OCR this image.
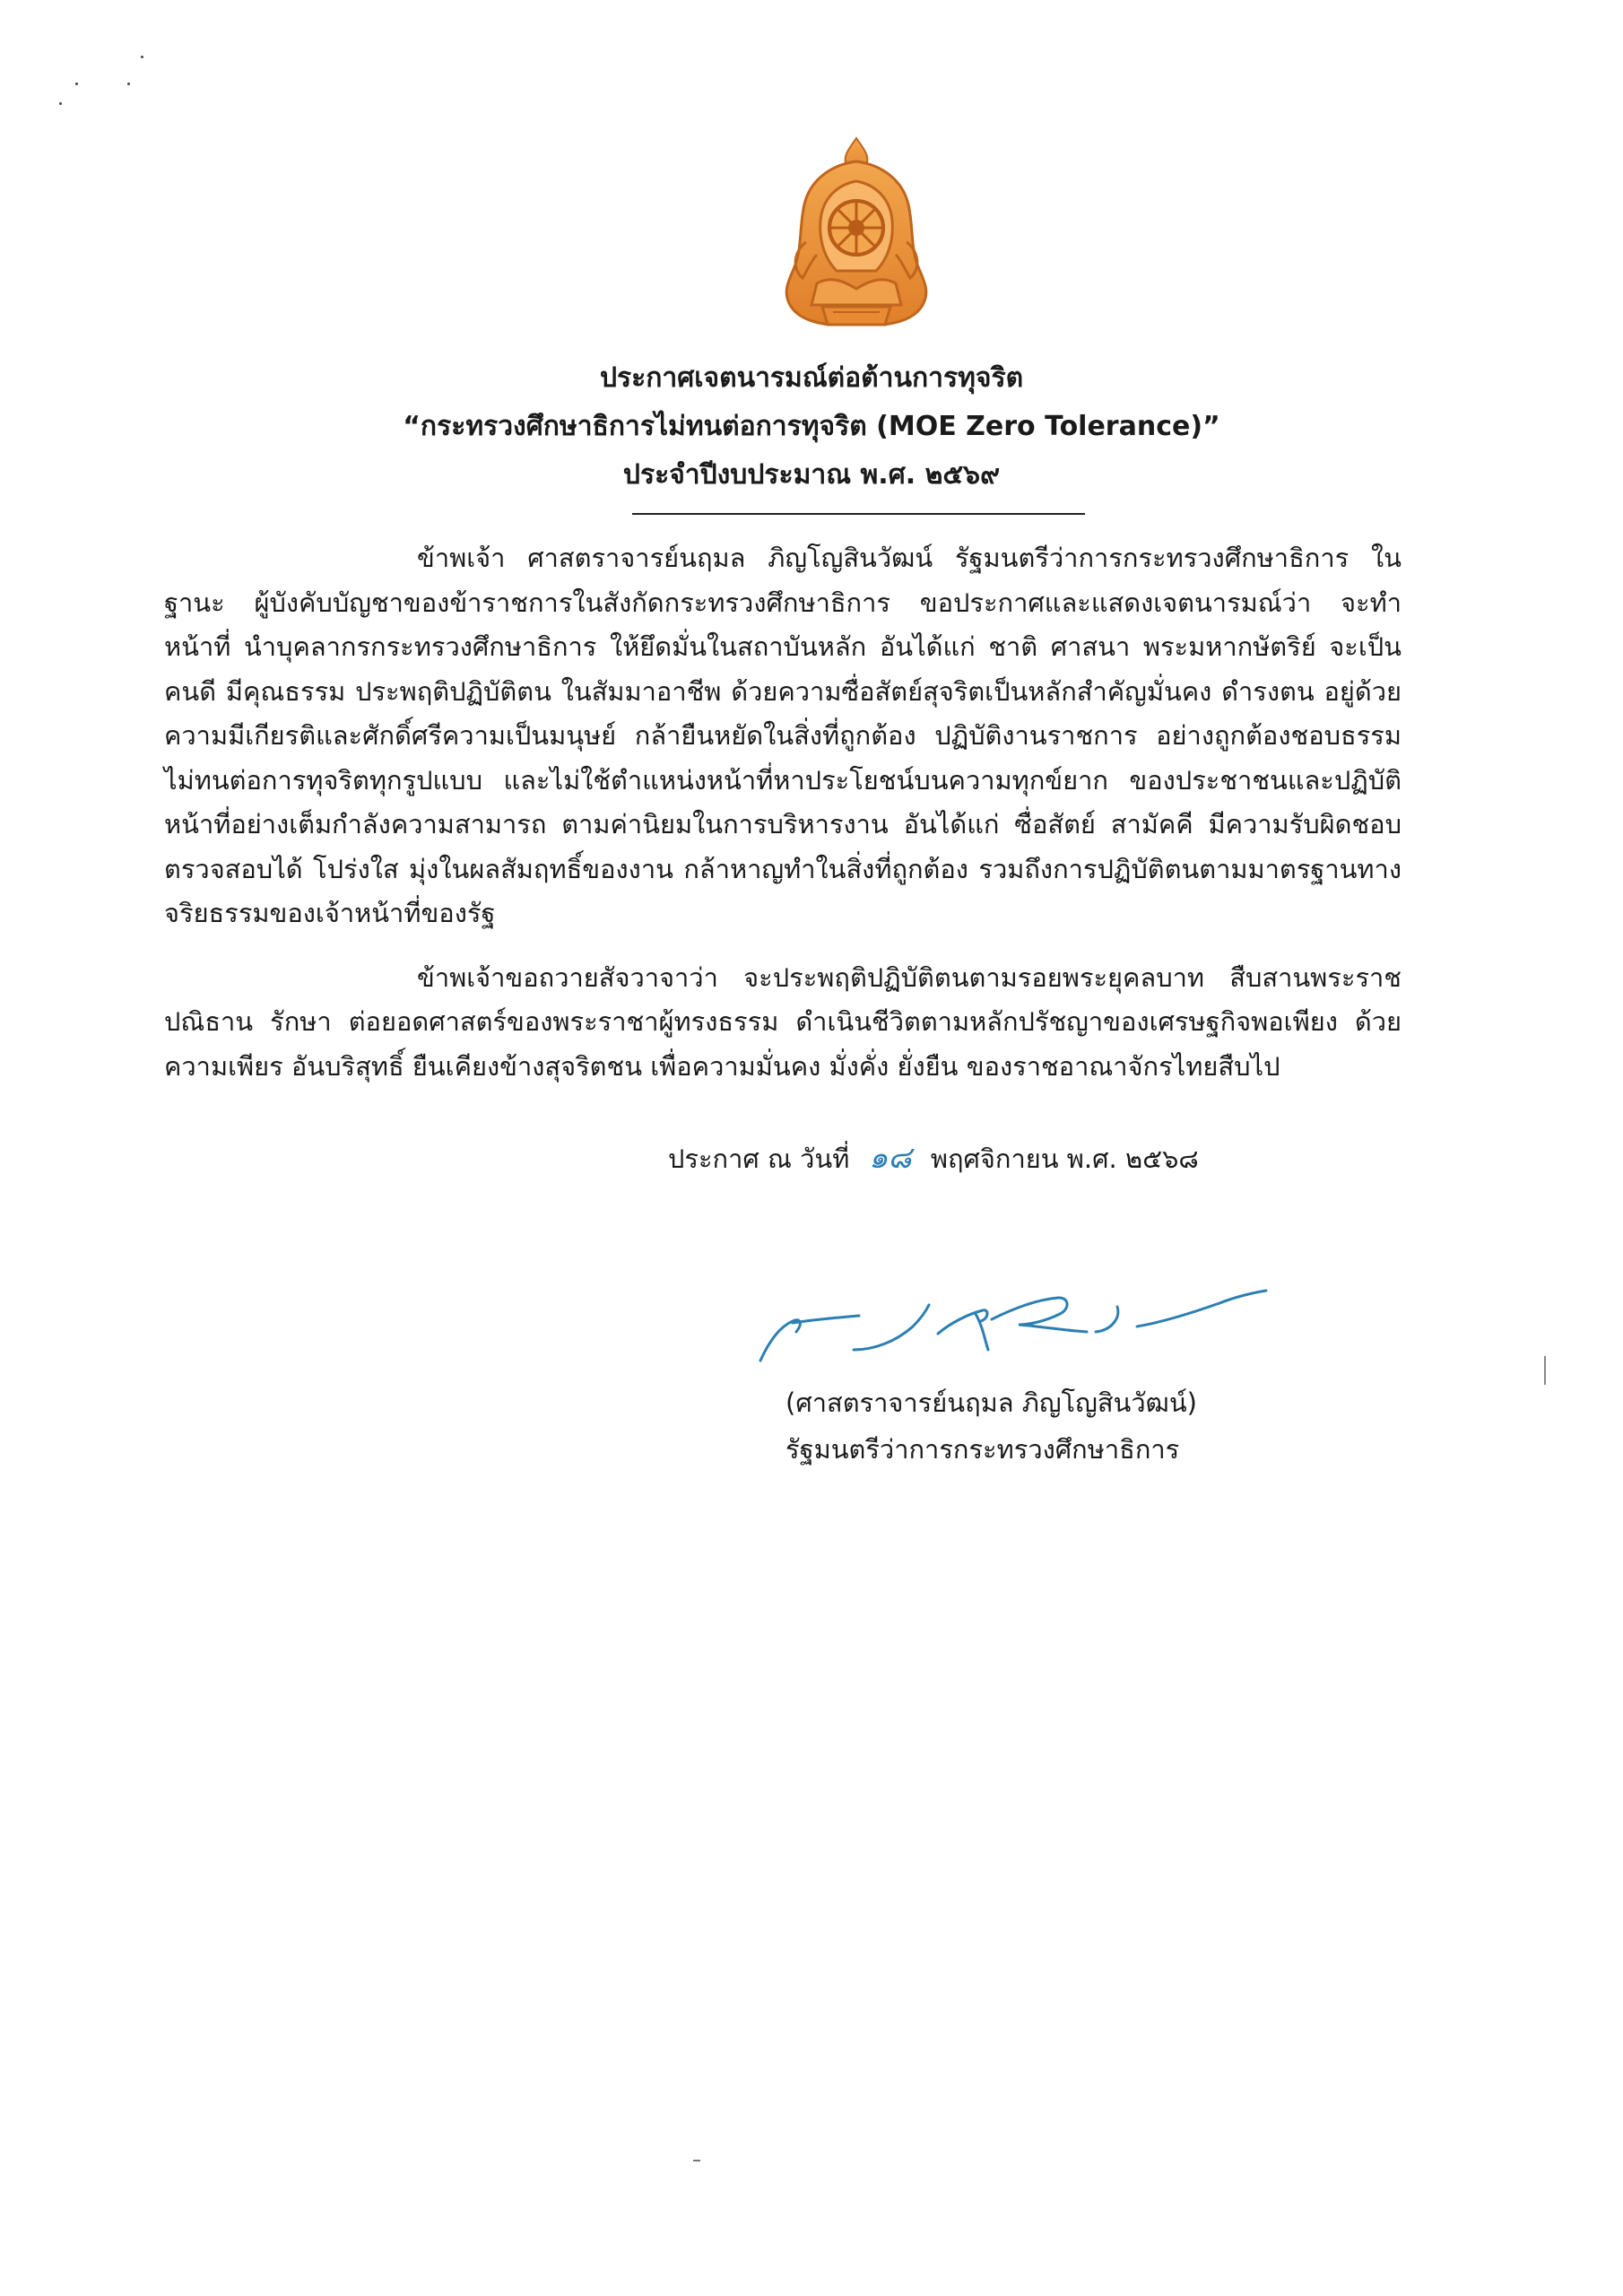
ประกาศเจตนารมณ์ต่อต้านการทุจริต
“กระทรวงศึกษาธิการไม่ทนต่อการทุจริต (MOE Zero Tolerance)”
ประจำปีงบประมาณ พ.ศ. ๒๕๖๙

ข้าพเจ้า ศาสตราจารย์นฤมล ภิญโญสินวัฒน์ รัฐมนตรีว่าการกระทรวงศึกษาธิการ ในฐานะ ผู้บังคับบัญชาของข้าราชการในสังกัดกระทรวงศึกษาธิการ ขอประกาศและแสดงเจตนารมณ์ว่า จะทำหน้าที่ นำบุคลากรกระทรวงศึกษาธิการ ให้ยึดมั่นในสถาบันหลัก อันได้แก่ ชาติ ศาสนา พระมหากษัตริย์ จะเป็นคนดี มีคุณธรรม ประพฤติปฏิบัติตน ในสัมมาอาชีพ ด้วยความซื่อสัตย์สุจริตเป็นหลักสำคัญมั่นคง ดำรงตน อยู่ด้วยความมีเกียรติและศักดิ์ศรีความเป็นมนุษย์ กล้ายืนหยัดในสิ่งที่ถูกต้อง ปฏิบัติงานราชการ อย่างถูกต้องชอบธรรม ไม่ทนต่อการทุจริตทุกรูปแบบ และไม่ใช้ตำแหน่งหน้าที่หาประโยชน์บนความทุกข์ยาก ของประชาชนและปฏิบัติหน้าที่อย่างเต็มกำลังความสามารถ ตามค่านิยมในการบริหารงาน อันได้แก่ ซื่อสัตย์ สามัคคี มีความรับผิดชอบ ตรวจสอบได้ โปร่งใส มุ่งในผลสัมฤทธิ์ของงาน กล้าหาญทำในสิ่งที่ถูกต้อง รวมถึงการปฏิบัติตนตามมาตรฐานทางจริยธรรมของเจ้าหน้าที่ของรัฐ

ข้าพเจ้าขอถวายสัจวาจาว่า จะประพฤติปฏิบัติตนตามรอยพระยุคลบาท สืบสานพระราชปณิธาน รักษา ต่อยอดศาสตร์ของพระราชาผู้ทรงธรรม ดำเนินชีวิตตามหลักปรัชญาของเศรษฐกิจพอเพียง ด้วยความเพียร อันบริสุทธิ์ ยืนเคียงข้างสุจริตชน เพื่อความมั่นคง มั่งคั่ง ยั่งยืน ของราชอาณาจักรไทยสืบไป

ประกาศ ณ วันที่ ๑๘ พฤศจิกายน พ.ศ. ๒๕๖๘
(ศาสตราจารย์นฤมล ภิญโญสินวัฒน์)
รัฐมนตรีว่าการกระทรวงศึกษาธิการ
